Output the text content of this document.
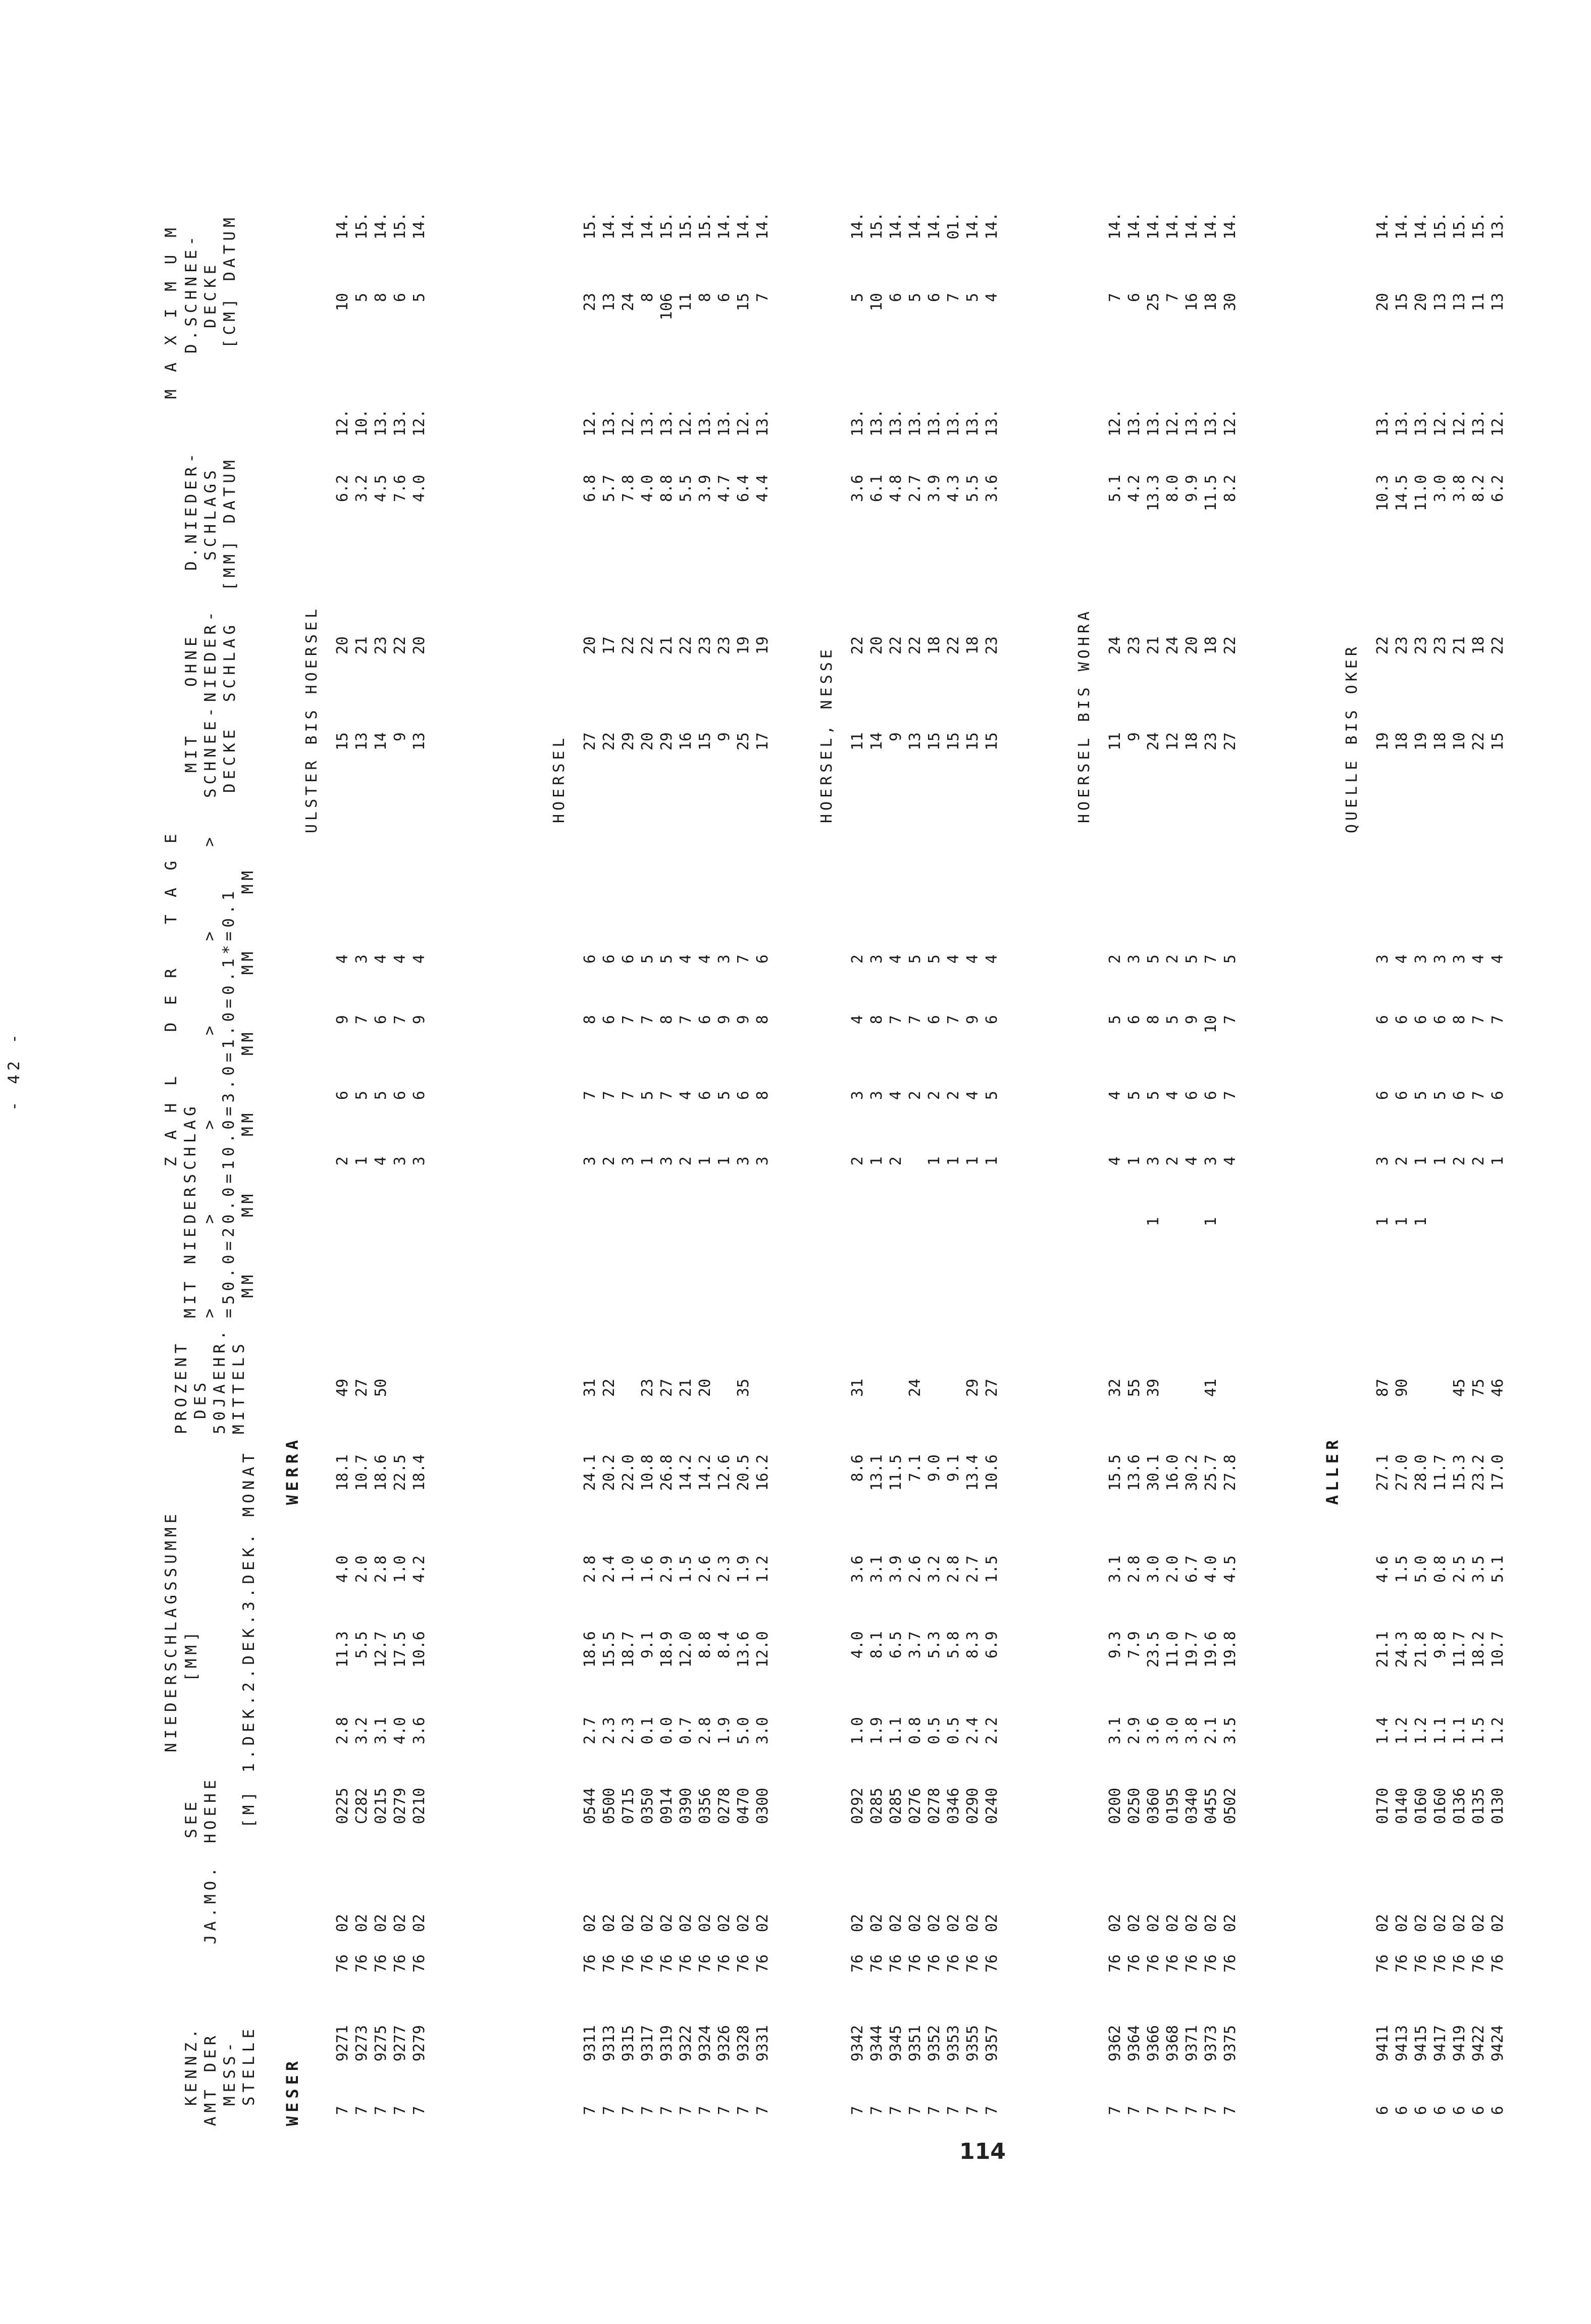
- 42 -
KENNZ. AMT DER MESS- STELLE
JA.MO.
SEE HOEHE [M]
NIEDERSCHLAGSSUMME [MM]	1.DEK.2.DEK.3.DEK. MONAT
PROZENT DES 50JAEHR. MITTELS
Z A H L   D E R   T A G E
MIT NIEDERSCHLAG >      >      >      >      >      > =50.0=20.0=10.0=3.0=1.0=0.1*=0.1 MM    MM    MM    MM    MM    MM
MIT SCHNEE- DECKE
OHNE NIEDER- SCHLAG
M A X I M U M
D.NIEDER- SCHLAGS [MM] DATUM
D.SCHNEE- DECKE [CM] DATUM
WESER
WERRA
ULSTER BIS HOERSEL
7
9271
76
02
0225
2.8
11.3
4.0
18.1
49
2
6
9
4
15
20
6.2
12.
10
14.
7
9273
76
02
C282
3.2
5.5
2.0
10.7
27
1
5
7
3
13
21
3.2
10.
5
15.
7
9275
76
02
0215
3.1
12.7
2.8
18.6
50
4
5
6
4
14
23
4.5
13.
8
14.
7
9277
76
02
0279
4.0
17.5
1.0
22.5
3
6
7
4
9
22
7.6
13.
6
15.
7
9279
76
02
0210
3.6
10.6
4.2
18.4
3
6
9
4
13
20
4.0
12.
5
14.
HOERSEL
7
9311
76
02
0544
2.7
18.6
2.8
24.1
31
3
7
8
6
27
20
6.8
12.
23
15.
7
9313
76
02
0500
2.3
15.5
2.4
20.2
22
2
7
6
6
22
17
5.7
13.
13
14.
7
9315
76
02
0715
2.3
18.7
1.0
22.0
3
7
7
6
29
22
7.8
12.
24
14.
7
9317
76
02
0350
0.1
9.1
1.6
10.8
23
1
5
7
5
20
22
4.0
13.
8
14.
7
9319
76
02
0914
0.0
18.9
2.9
26.8
27
3
7
8
5
29
21
8.8
13.
106
15.
7
9322
76
02
0390
0.7
12.0
1.5
14.2
21
2
4
7
4
16
22
5.5
12.
11
15.
7
9324
76
02
0356
2.8
8.8
2.6
14.2
20
1
6
6
4
15
23
3.9
13.
8
15.
7
9326
76
02
0278
1.9
8.4
2.3
12.6
1
5
9
3
9
23
4.7
13.
6
14.
7
9328
76
02
0470
5.0
13.6
1.9
20.5
35
3
6
9
7
25
19
6.4
12.
15
14.
7
9331
76
02
0300
3.0
12.0
1.2
16.2
3
8
8
6
17
19
4.4
13.
7
14.
HOERSEL, NESSE
7
9342
76
02
0292
1.0
4.0
3.6
8.6
31
2
3
4
2
11
22
3.6
13.
5
14.
7
9344
76
02
0285
1.9
8.1
3.1
13.1
1
3
8
3
14
20
6.1
13.
10
15.
7
9345
76
02
0285
1.1
6.5
3.9
11.5
2
4
7
4
9
22
4.8
13.
6
14.
7
9351
76
02
0276
0.8
3.7
2.6
7.1
24
2
7
5
13
22
2.7
13.
5
14.
7
9352
76
02
0278
0.5
5.3
3.2
9.0
1
2
6
5
15
18
3.9
13.
6
14.
7
9353
76
02
0346
0.5
5.8
2.8
9.1
1
2
7
4
15
22
4.3
13.
7
01.
7
9355
76
02
0290
2.4
8.3
2.7
13.4
29
1
4
9
4
15
18
5.5
13.
5
14.
7
9357
76
02
0240
2.2
6.9
1.5
10.6
27
1
5
6
4
15
23
3.6
13.
4
14.
HOERSEL BIS WOHRA
7
9362
76
02
0200
3.1
9.3
3.1
15.5
32
4
4
5
2
11
24
5.1
12.
7
14.
7
9364
76
02
0250
2.9
7.9
2.8
13.6
55
1
5
6
3
9
23
4.2
13.
6
14.
7
9366
76
02
0360
3.6
23.5
3.0
30.1
39
1
3
5
8
5
24
21
13.3
13.
25
14.
7
9368
76
02
0195
3.0
11.0
2.0
16.0
2
4
5
2
12
24
8.0
12.
7
14.
7
9371
76
02
0340
3.8
19.7
6.7
30.2
4
6
9
5
18
20
9.9
13.
16
14.
7
9373
76
02
0455
2.1
19.6
4.0
25.7
41
1
3
6
10
7
23
18
11.5
13.
18
14.
7
9375
76
02
0502
3.5
19.8
4.5
27.8
4
7
7
5
27
22
8.2
12.
30
14.
ALLER
QUELLE BIS OKER
6
9411
76
02
0170
1.4
21.1
4.6
27.1
87
1
3
6
6
3
19
22
10.3
13.
20
14.
6
9413
76
02
0140
1.2
24.3
1.5
27.0
90
1
2
6
6
4
18
23
14.5
13.
15
14.
6
9415
76
02
0160
1.2
21.8
5.0
28.0
1
1
5
6
3
19
23
11.0
13.
20
14.
6
9417
76
02
0160
1.1
9.8
0.8
11.7
1
5
6
3
18
23
3.0
12.
13
15.
6
9419
76
02
0136
1.1
11.7
2.5
15.3
45
2
6
8
3
10
21
3.8
12.
13
15.
6
9422
76
02
0135
1.5
18.2
3.5
23.2
75
2
7
7
4
22
18
8.2
13.
11
15.
6
9424
76
02
0130
1.2
10.7
5.1
17.0
46
1
6
7
4
15
22
6.2
12.
13
13.
114
